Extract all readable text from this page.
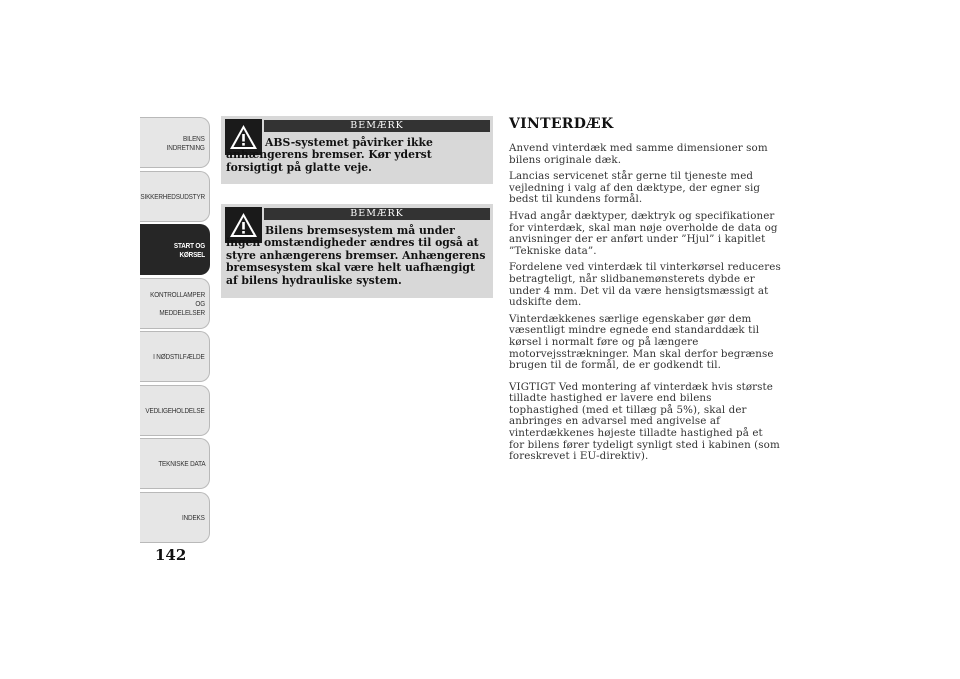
BILENS
INDRETNING
SIKKERHEDSUDSTYR
START OG KØRSEL
KONTROLLAMPER
OG MEDDELELSER
I NØDSTILFÆLDE
VEDLIGEHOLDELSE
TEKNISKE DATA
INDEKS
142
BEMÆRK
ABS-systemet påvirker ikke anhængerens bremser. Kør yderst forsigtigt på glatte veje.
BEMÆRK
Bilens bremsesystem må under ingen omstændigheder ændres til også at styre anhængerens bremser. Anhængerens bremsesystem skal være helt uafhængigt af bilens hydrauliske system.
VINTERDÆK

Anvend vinterdæk med samme dimensioner som bilens originale dæk.

Lancias servicenet står gerne til tjeneste med vejledning i valg af den dæktype, der egner sig bedst til kundens formål.

Hvad angår dæktyper, dæktryk og specifikationer for vinterdæk, skal man nøje overholde de data og anvisninger der er anført under ”Hjul” i kapitlet ”Tekniske data”.

Fordelene ved vinterdæk til vinterkørsel reduceres betragteligt, når slidbanemønsterets dybde er under 4 mm. Det vil da være hensigtsmæssigt at udskifte dem.

Vinterdækkenes særlige egenskaber gør dem væsentligt mindre egnede end standarddæk til kørsel i normalt føre og på længere motorvejsstrækninger. Man skal derfor begrænse brugen til de formål, de er godkendt til.

VIGTIGT Ved montering af vinterdæk hvis største tilladte hastighed er lavere end bilens tophastighed (med et tillæg på 5%), skal der anbringes en advarsel med angivelse af vinterdækkenes højeste tilladte hastighed på et for bilens fører tydeligt synligt sted i kabinen (som foreskrevet i EU-direktiv).
